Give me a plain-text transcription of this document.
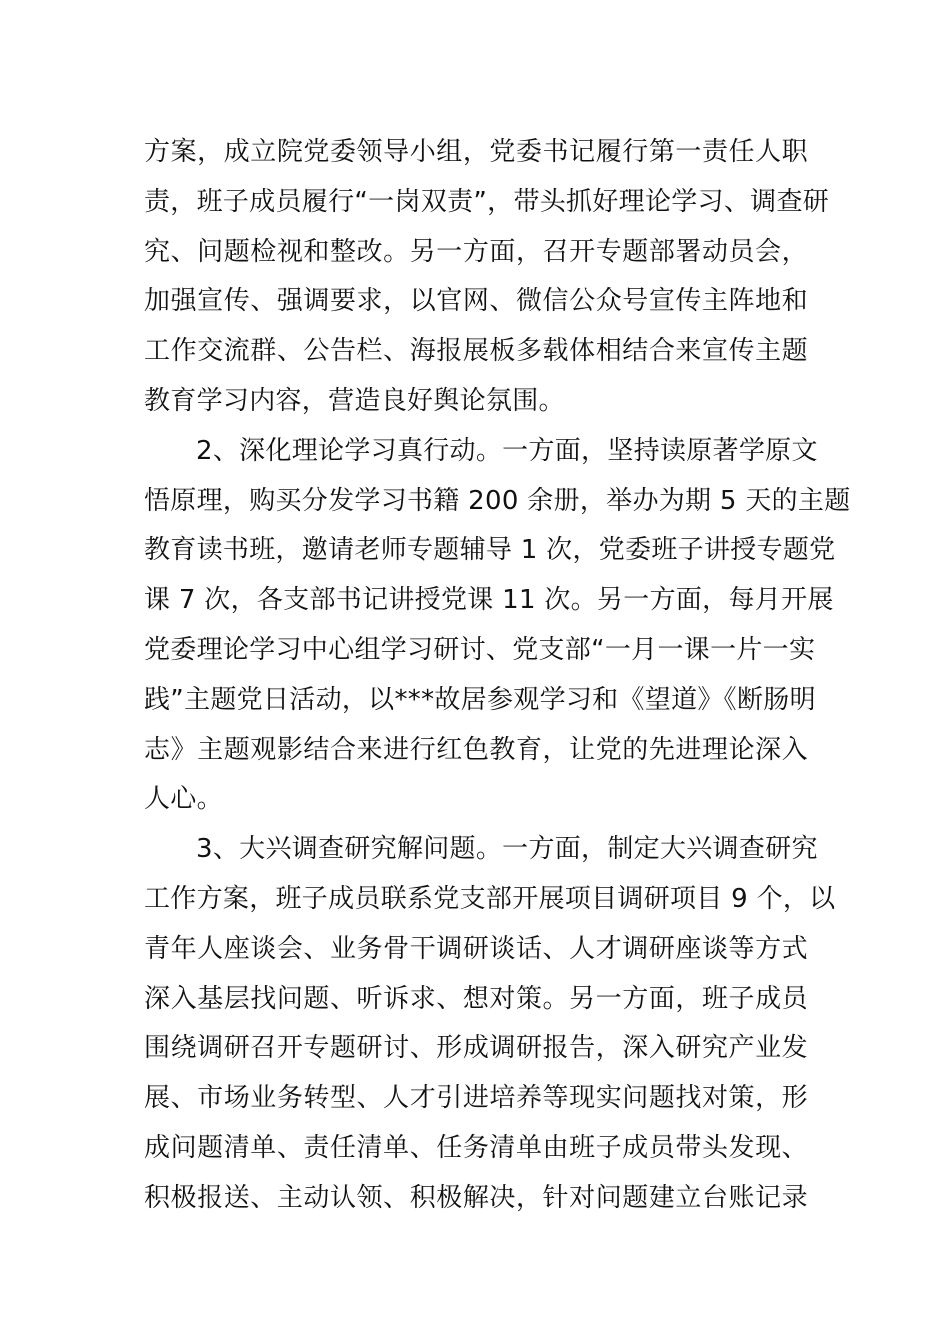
方案，成立院党委领导小组，党委书记履行第一责任人职
责，班子成员履行“一岗双责”，带头抓好理论学习、调查研
究、问题检视和整改。另一方面，召开专题部署动员会，
加强宣传、强调要求，以官网、微信公众号宣传主阵地和
工作交流群、公告栏、海报展板多载体相结合来宣传主题
教育学习内容，营造良好舆论氛围。
2、深化理论学习真行动。一方面，坚持读原著学原文
悟原理，购买分发学习书籍 200 余册，举办为期 5 天的主题
教育读书班，邀请老师专题辅导 1 次，党委班子讲授专题党
课 7 次，各支部书记讲授党课 11 次。另一方面，每月开展
党委理论学习中心组学习研讨、党支部“一月一课一片一实
践”主题党日活动，以***故居参观学习和《望道》《断肠明
志》主题观影结合来进行红色教育，让党的先进理论深入
人心。
3、大兴调查研究解问题。一方面，制定大兴调查研究
工作方案，班子成员联系党支部开展项目调研项目 9 个，以
青年人座谈会、业务骨干调研谈话、人才调研座谈等方式
深入基层找问题、听诉求、想对策。另一方面，班子成员
围绕调研召开专题研讨、形成调研报告，深入研究产业发
展、市场业务转型、人才引进培养等现实问题找对策，形
成问题清单、责任清单、任务清单由班子成员带头发现、
积极报送、主动认领、积极解决，针对问题建立台账记录
